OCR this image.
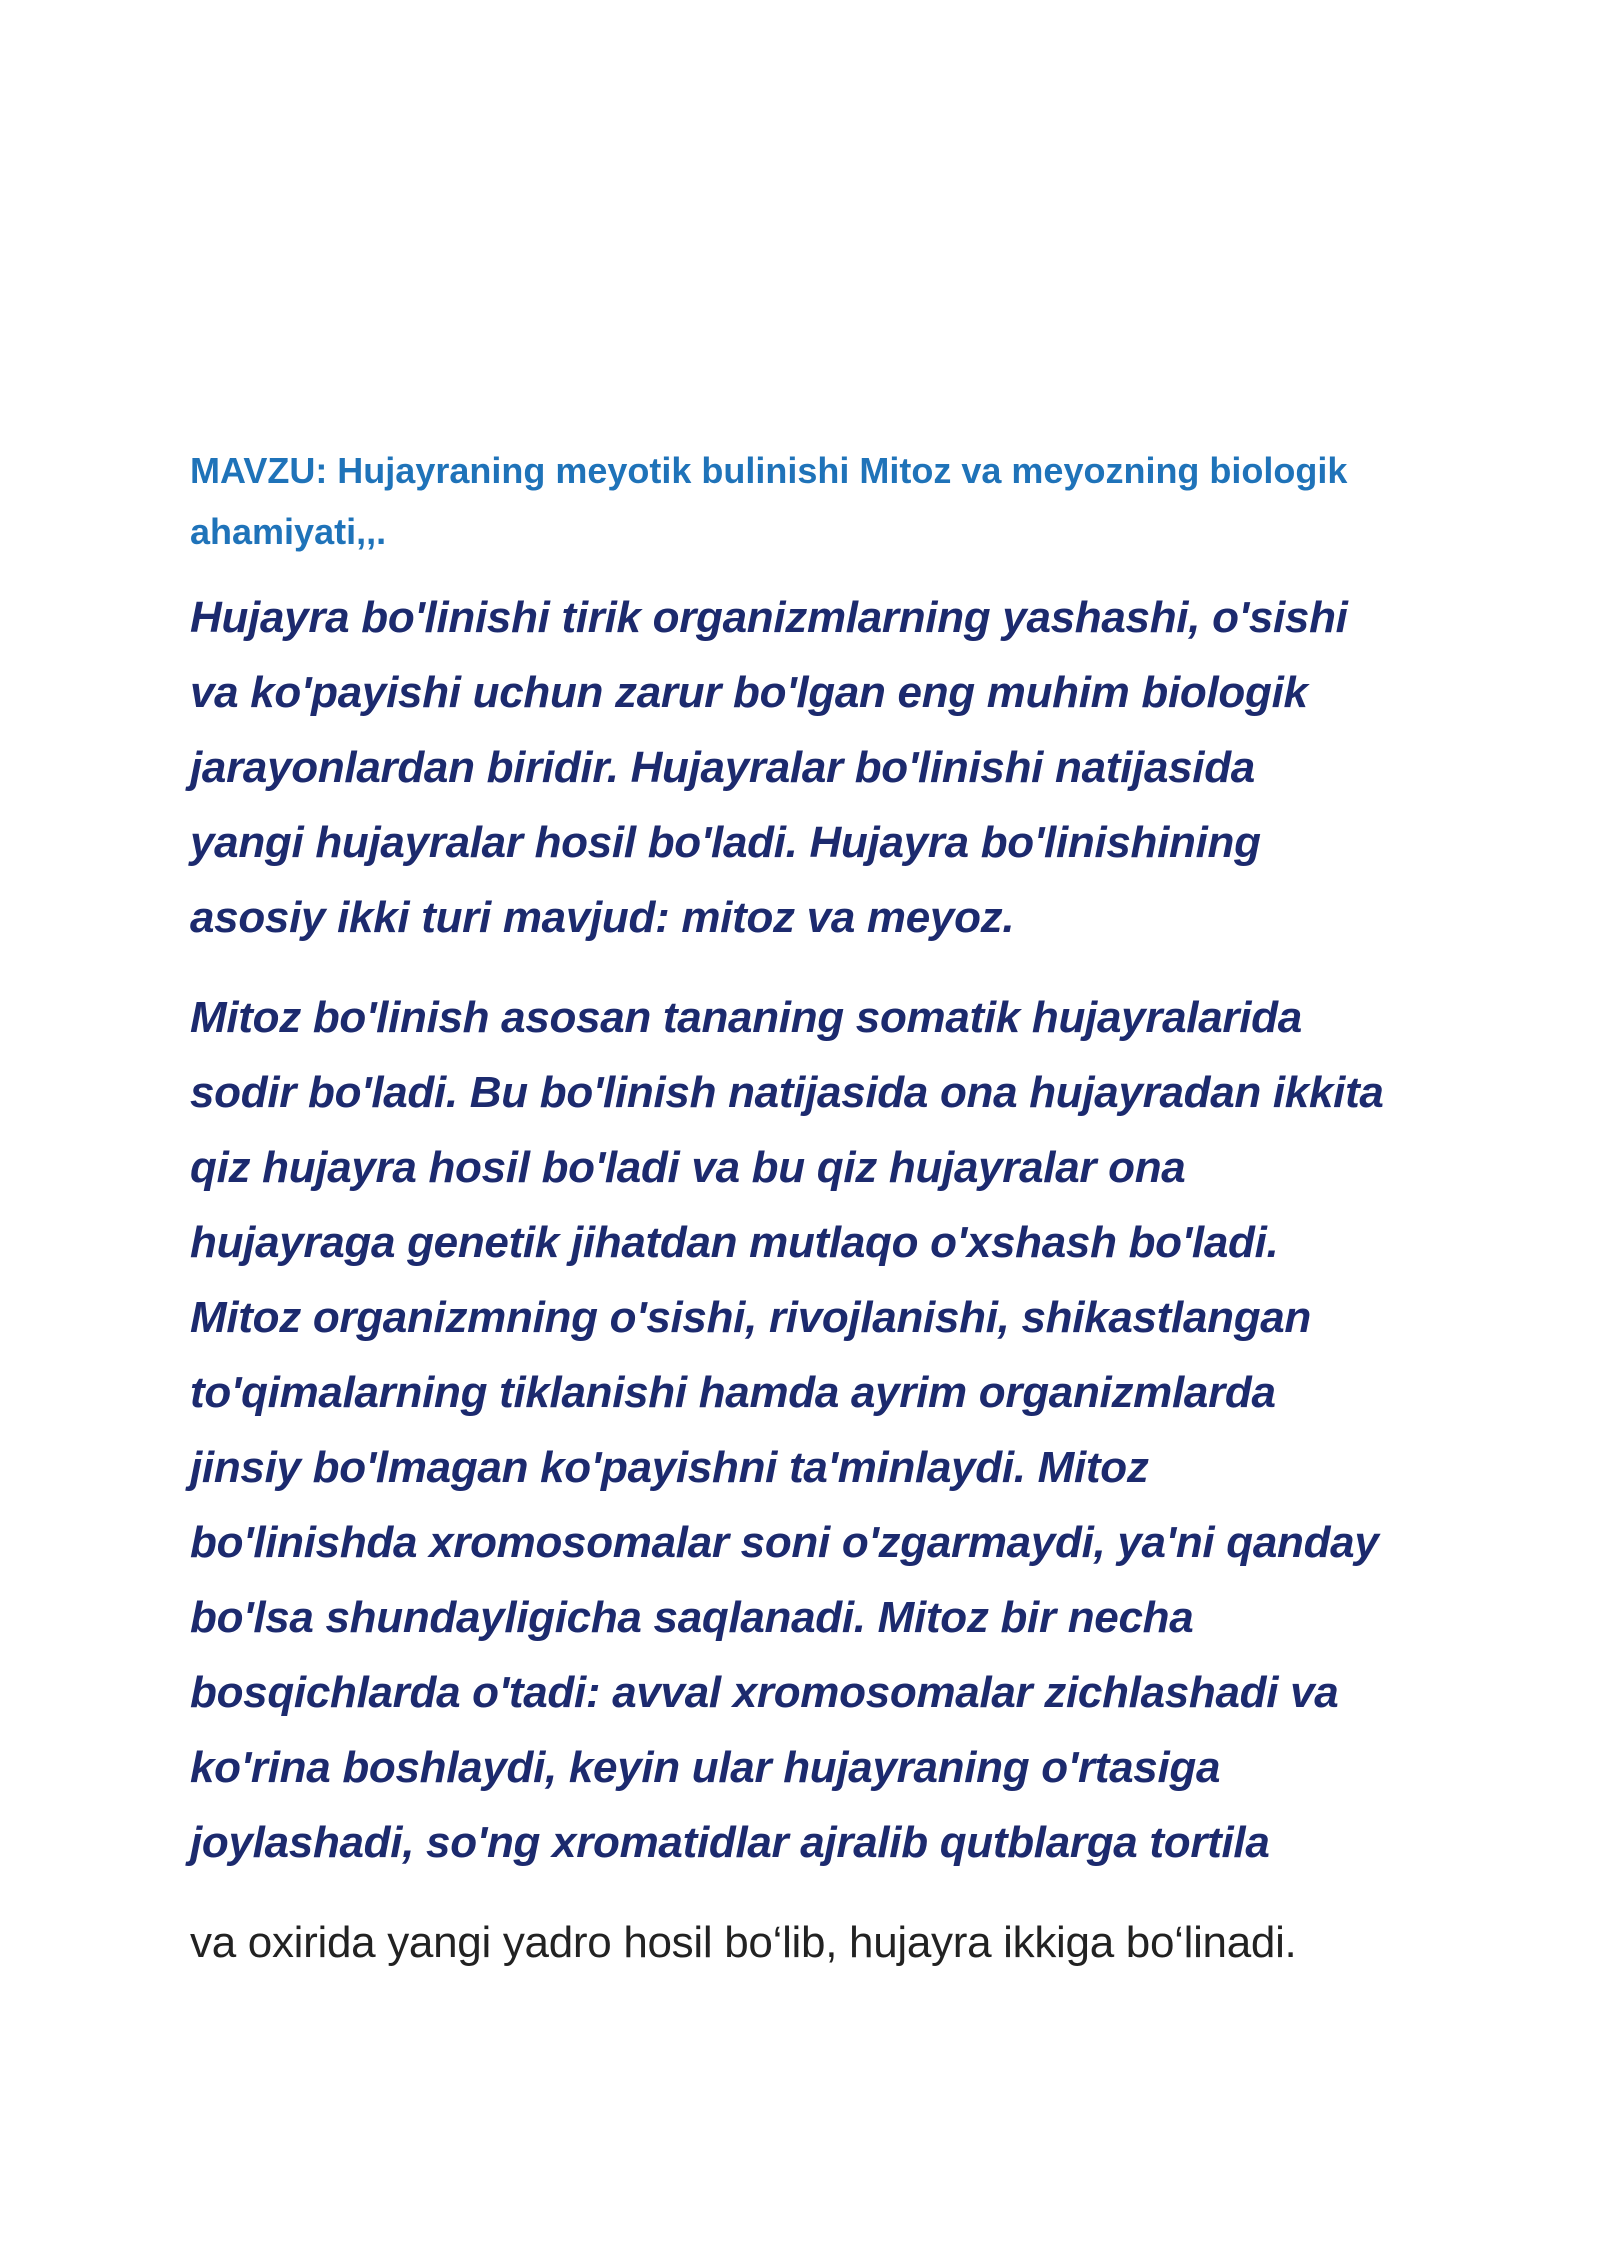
MAVZU: Hujayraning meyotik bulinishi Mitoz va meyozning biologik ahamiyati,,.

Hujayra bo'linishi tirik organizmlarning yashashi, o'sishi
va ko'payishi uchun zarur bo'lgan eng muhim biologik
jarayonlardan biridir. Hujayralar bo'linishi natijasida
yangi hujayralar hosil bo'ladi. Hujayra bo'linishining
asosiy ikki turi mavjud: mitoz va meyoz.

Mitoz bo'linish asosan tananing somatik hujayralarida
sodir bo'ladi. Bu bo'linish natijasida ona hujayradan ikkita
qiz hujayra hosil bo'ladi va bu qiz hujayralar ona
hujayraga genetik jihatdan mutlaqo o'xshash bo'ladi.
Mitoz organizmning o'sishi, rivojlanishi, shikastlangan
to'qimalarning tiklanishi hamda ayrim organizmlarda
jinsiy bo'lmagan ko'payishni ta'minlaydi. Mitoz
bo'linishda xromosomalar soni o'zgarmaydi, ya'ni qanday
bo'lsa shundayligicha saqlanadi. Mitoz bir necha
bosqichlarda o'tadi: avval xromosomalar zichlashadi va
ko'rina boshlaydi, keyin ular hujayraning o'rtasiga
joylashadi, so'ng xromatidlar ajralib qutblarga tortila

va oxirida yangi yadro hosil bo‘lib, hujayra ikkiga bo‘linadi.
